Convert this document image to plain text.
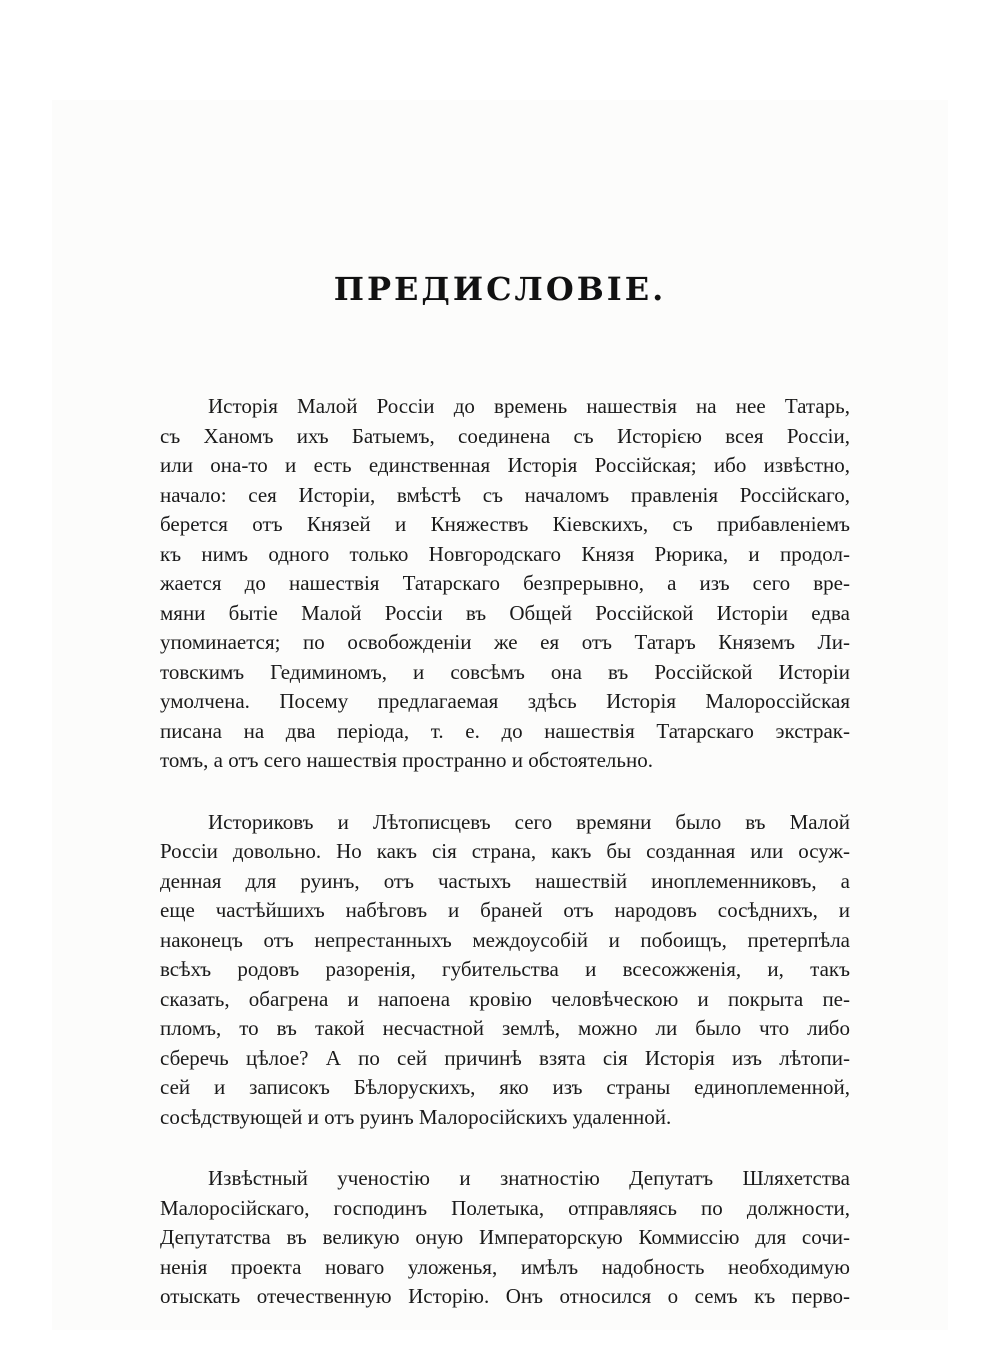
ПРЕДИСЛОВІЕ.

Исторія Малой Россіи до времень нашествія на нее Татарь,
съ Ханомъ ихъ Батыемъ, соединена съ Исторією всея Россіи,
или она-то и есть единственная Исторія Россійская; ибо извѣстно,
начало: сея Исторіи, вмѣстѣ съ началомъ правленія Россійскаго,
берется отъ Князей и Княжествъ Кіевскихъ, съ прибавленіемъ
къ нимъ одного только Новгородскаго Князя Рюрика, и продол-
жается до нашествія Татарскаго безпрерывно, а изъ сего вре-
мяни бытіе Малой Россіи въ Общей Россійской Исторіи едва
упоминается; по освобожденіи же ея отъ Татаръ Княземъ Ли-
товскимъ Гедиминомъ, и совсѣмъ она въ Россійской Исторіи
умолчена. Посему предлагаемая здѣсь Исторія Малороссійская
писана на два періода, т. е. до нашествія Татарскаго экстрак-
томъ, а отъ сего нашествія пространно и обстоятельно.

Историковъ и Лѣтописцевъ сего времяни было въ Малой
Россіи довольно. Но какъ сія страна, какъ бы созданная или осуж-
денная для руинъ, отъ частыхъ нашествій иноплеменниковъ, а
еще частѣйшихъ набѣговъ и браней отъ народовъ сосѣднихъ, и
наконецъ отъ непрестанныхъ междоусобій и побоищъ, претерпѣла
всѣхъ родовъ разоренія, губительства и всесожженія, и, такъ
сказать, обагрена и напоена кровію человѣческою и покрыта пе-
пломъ, то въ такой несчастной землѣ, можно ли было что либо
сберечь цѣлое? А по сей причинѣ взята сія Исторія изъ лѣтопи-
сей и записокъ Бѣлорускихъ, яко изъ страны единоплеменной,
сосѣдствующей и отъ руинъ Малоросійскихъ удаленной.

Извѣстный ученостію и знатностію Депутатъ Шляхетства
Малоросійскаго, господинъ Полетыка, отправляясь по должности,
Депутатства въ великую оную Императорскую Коммиссію для сочи-
ненія проекта новаго уложенья, имѣлъ надобность необходимую
отыскать отечественную Исторію. Онъ относился о семъ къ перво-
